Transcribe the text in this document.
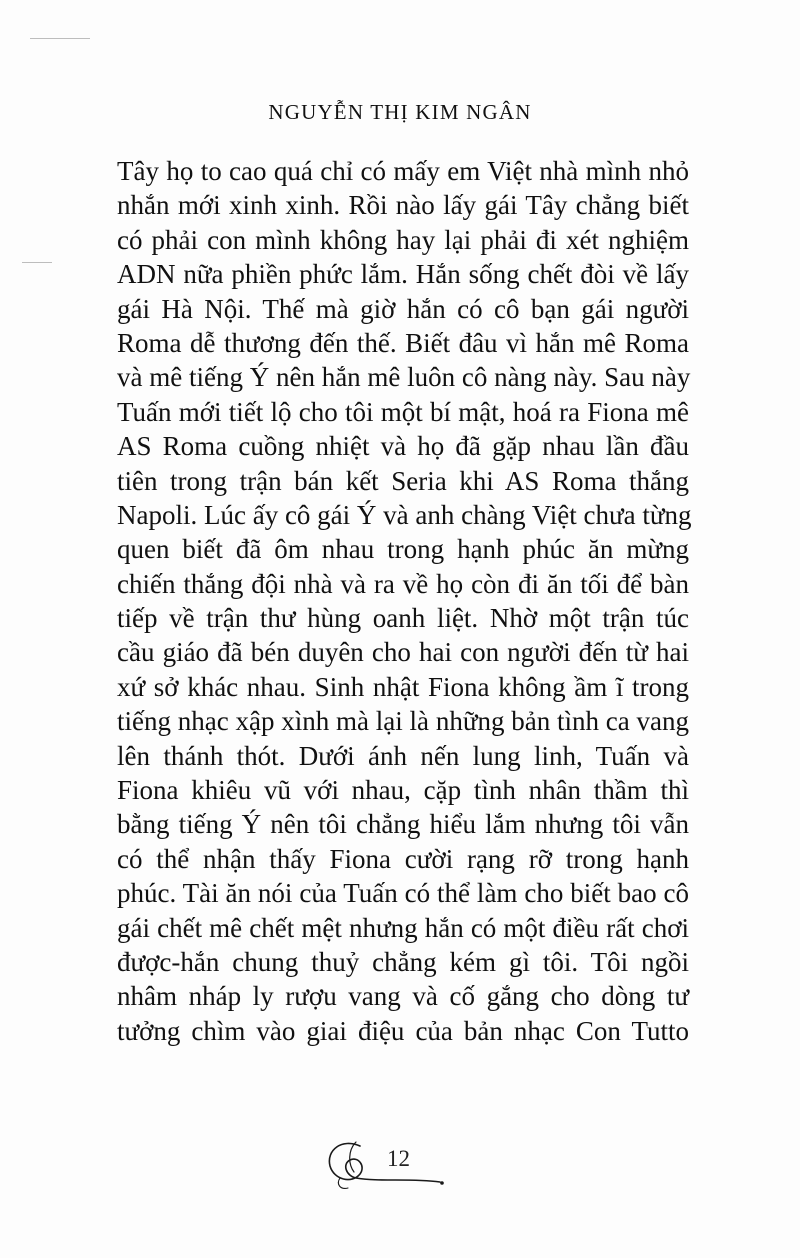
NGUYỄN THỊ KIM NGÂN
Tây họ to cao quá chỉ có mấy em Việt nhà mình nhỏ
nhắn mới xinh xinh. Rồi nào lấy gái Tây chẳng biết
có phải con mình không hay lại phải đi xét nghiệm
ADN nữa phiền phức lắm. Hắn sống chết đòi về lấy
gái Hà Nội. Thế mà giờ hắn có cô bạn gái người
Roma dễ thương đến thế. Biết đâu vì hắn mê Roma
và mê tiếng Ý nên hắn mê luôn cô nàng này. Sau này
Tuấn mới tiết lộ cho tôi một bí mật, hoá ra Fiona mê
AS Roma cuồng nhiệt và họ đã gặp nhau lần đầu
tiên trong trận bán kết Seria khi AS Roma thắng
Napoli. Lúc ấy cô gái Ý và anh chàng Việt chưa từng
quen biết đã ôm nhau trong hạnh phúc ăn mừng
chiến thắng đội nhà và ra về họ còn đi ăn tối để bàn
tiếp về trận thư hùng oanh liệt. Nhờ một trận túc
cầu giáo đã bén duyên cho hai con người đến từ hai
xứ sở khác nhau. Sinh nhật Fiona không ầm ĩ trong
tiếng nhạc xập xình mà lại là những bản tình ca vang
lên thánh thót. Dưới ánh nến lung linh, Tuấn và
Fiona khiêu vũ với nhau, cặp tình nhân thầm thì
bằng tiếng Ý nên tôi chẳng hiểu lắm nhưng tôi vẫn
có thể nhận thấy Fiona cười rạng rỡ trong hạnh
phúc. Tài ăn nói của Tuấn có thể làm cho biết bao cô
gái chết mê chết mệt nhưng hắn có một điều rất chơi
được-hắn chung thuỷ chẳng kém gì tôi. Tôi ngồi
nhâm nháp ly rượu vang và cố gắng cho dòng tư
tưởng chìm vào giai điệu của bản nhạc Con Tutto
12
